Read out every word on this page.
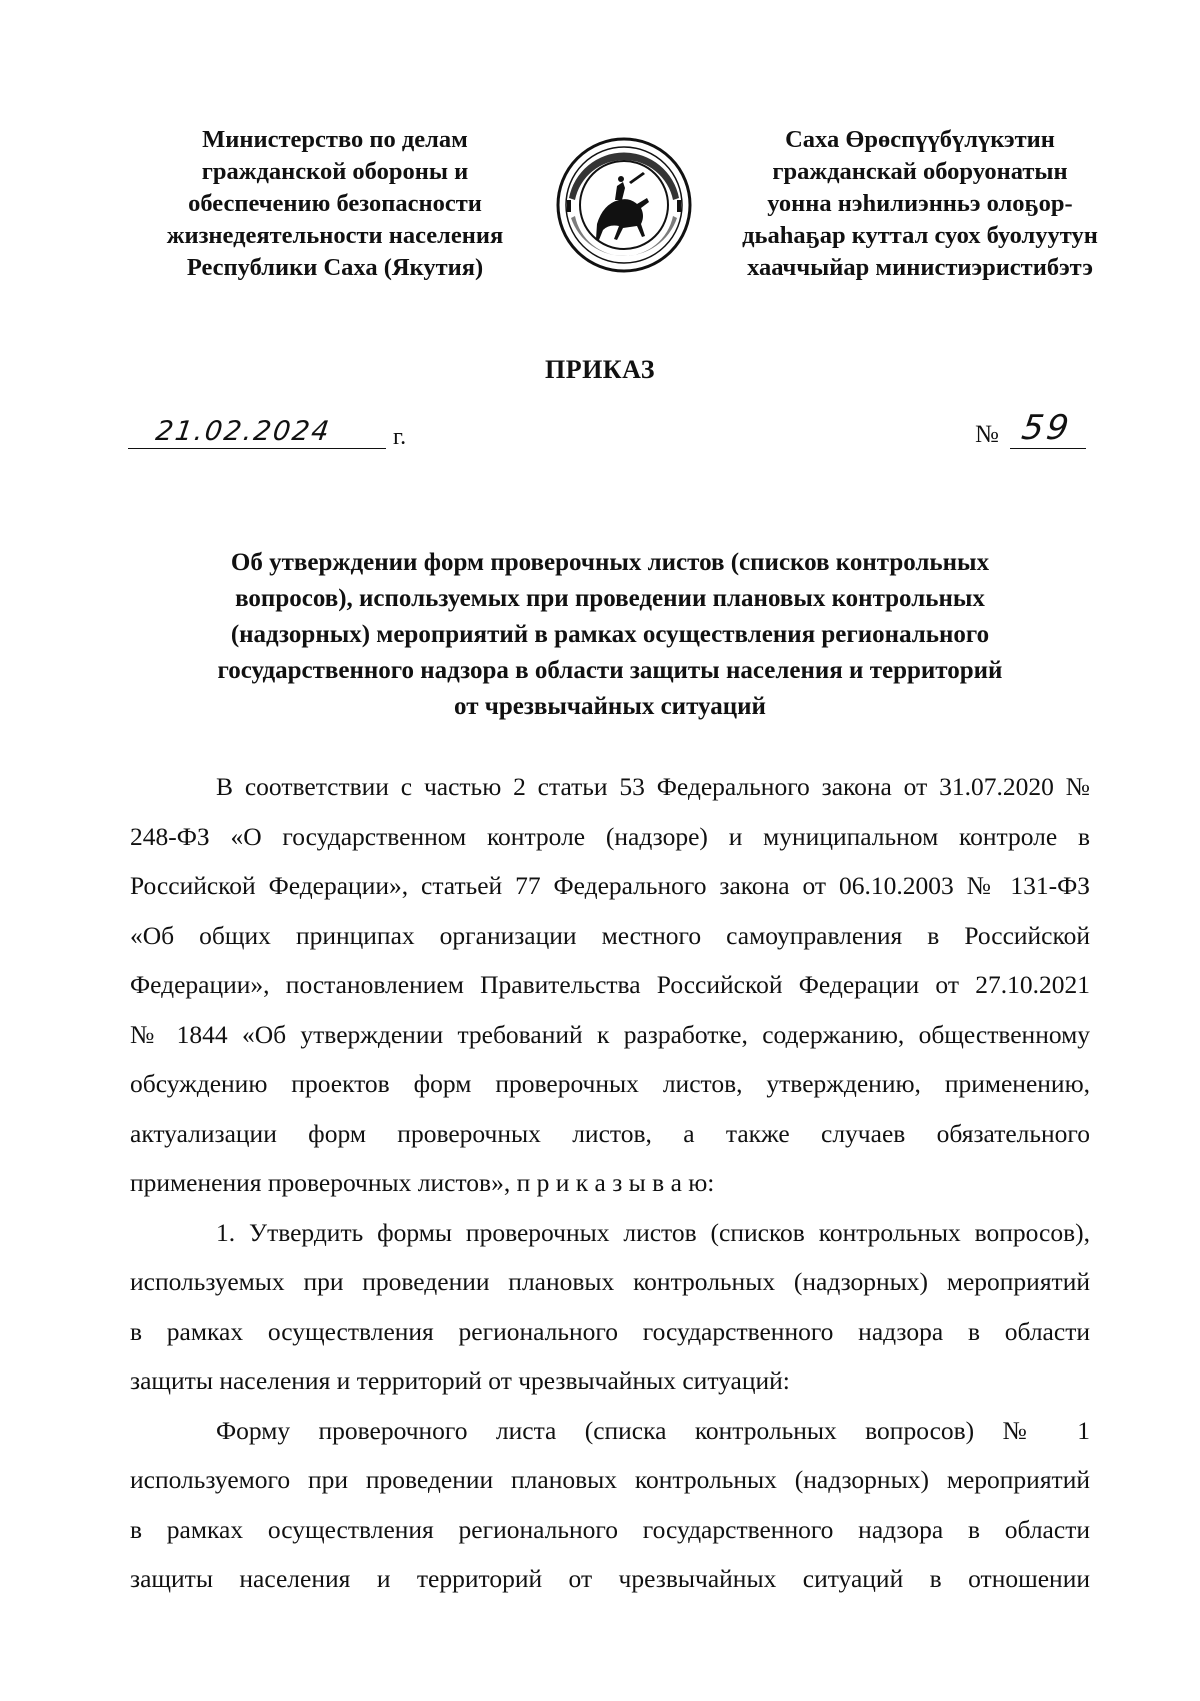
Министерство по делам
гражданской обороны и
обеспечению безопасности
жизнедеятельности населения
Республики Саха (Якутия)
Саха Өрөспүүбүлүкэтин
гражданскай оборуонатын
уонна нэһилиэнньэ олоҕор-
дьаһаҕар куттал суох буолуутун
хааччыйар министиэристибэтэ
ПРИКАЗ
21.02.2024	г.	№ 59
Об утверждении форм проверочных листов (списков контрольных
вопросов), используемых при проведении плановых контрольных
(надзорных) мероприятий в рамках осуществления регионального
государственного надзора в области защиты населения и территорий
от чрезвычайных ситуаций
В соответствии с частью 2 статьи 53 Федерального закона от 31.07.2020 №
248-ФЗ «О государственном контроле (надзоре) и муниципальном контроле в
Российской Федерации», статьей 77 Федерального закона от 06.10.2003 № 131-ФЗ
«Об общих принципах организации местного самоуправления в Российской
Федерации», постановлением Правительства Российской Федерации от 27.10.2021
№ 1844 «Об утверждении требований к разработке, содержанию, общественному
обсуждению проектов форм проверочных листов, утверждению, применению,
актуализации форм проверочных листов, а также случаев обязательного
применения проверочных листов», п р и к а з ы в а ю:
1. Утвердить формы проверочных листов (списков контрольных вопросов),
используемых при проведении плановых контрольных (надзорных) мероприятий
в рамках осуществления регионального государственного надзора в области
защиты населения и территорий от чрезвычайных ситуаций:
Форму проверочного листа (списка контрольных вопросов) № 1
используемого при проведении плановых контрольных (надзорных) мероприятий
в рамках осуществления регионального государственного надзора в области
защиты населения и территорий от чрезвычайных ситуаций в отношении
